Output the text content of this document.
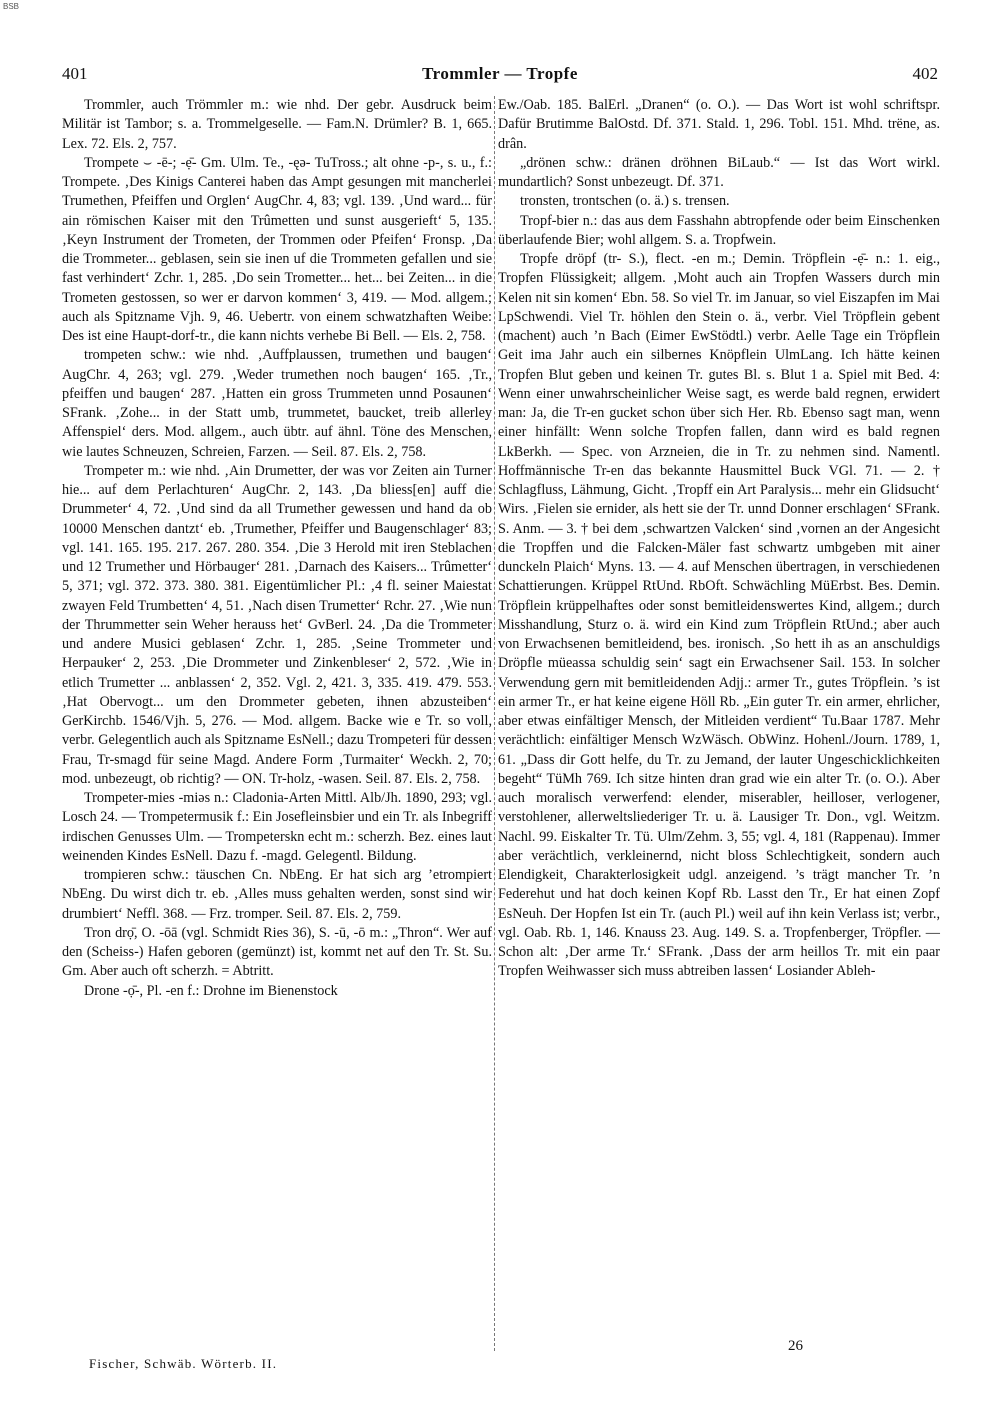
BSB
401	Trommler — Tropfe	402

Trommler, auch Trömmler m.: wie nhd. Der gebr. Ausdruck beim Militär ist Tambor; s. a. Trommelgeselle. — Fam.N. Drümler? B. 1, 665. Lex. 72. Els. 2, 757.

Trompete ⌣ -ē-; -ẹ̄- Gm. Ulm. Te., -ęə- TuTross.; alt ohne -p-, s. u., f.: Trompete. ‚Des Kinigs Canterei haben das Ampt gesungen mit mancherlei Trumethen, Pfeiffen und Orglen‘ AugChr. 4, 83; vgl. 139. ‚Und ward... für ain römischen Kaiser mit den Trûmetten und sunst ausgerieft‘ 5, 135. ‚Keyn Instrument der Trometen, der Trommen oder Pfeifen‘ Fronsp. ‚Da die Trommeter... geblasen, sein sie inen uf die Trommeten gefallen und sie fast verhindert‘ Zchr. 1, 285. ‚Do sein Trometter... het... bei Zeiten... in die Trometen gestossen, so wer er darvon kommen‘ 3, 419. — Mod. allgem.; auch als Spitzname Vjh. 9, 46. Uebertr. von einem schwatzhaften Weibe: Des ist eine Haupt-dorf-tr., die kann nichts verhebe Bi Bell. — Els. 2, 758.

trompeten schw.: wie nhd. ‚Auffplaussen, trumethen und baugen‘ AugChr. 4, 263; vgl. 279. ‚Weder trumethen noch baugen‘ 165. ‚Tr., pfeiffen und baugen‘ 287. ‚Hatten ein gross Trummeten unnd Posaunen‘ SFrank. ‚Zohe... in der Statt umb, trummetet, baucket, treib allerley Affenspiel‘ ders. Mod. allgem., auch übtr. auf ähnl. Töne des Menschen, wie lautes Schneuzen, Schreien, Farzen. — Seil. 87. Els. 2, 758.

Trompeter m.: wie nhd. ‚Ain Drumetter, der was vor Zeiten ain Turner hie... auf dem Perlachturen‘ AugChr. 2, 143. ‚Da bliess[en] auff die Drummeter‘ 4, 72. ‚Und sind da all Trumether gewessen und hand da ob 10000 Menschen dantzt‘ eb. ‚Trumether, Pfeiffer und Baugenschlager‘ 83; vgl. 141. 165. 195. 217. 267. 280. 354. ‚Die 3 Herold mit iren Steblachen und 12 Trumether und Hörbauger‘ 281. ‚Darnach des Kaisers... Trûmetter‘ 5, 371; vgl. 372. 373. 380. 381. Eigentümlicher Pl.: ‚4 fl. seiner Maiestat zwayen Feld Trumbetten‘ 4, 51. ‚Nach disen Trumetter‘ Rchr. 27. ‚Wie nun der Thrummetter sein Weher herauss het‘ GvBerl. 24. ‚Da die Trommeter und andere Musici geblasen‘ Zchr. 1, 285. ‚Seine Trommeter und Herpauker‘ 2, 253. ‚Die Drommeter und Zinkenbleser‘ 2, 572. ‚Wie in etlich Trumetter ... anblassen‘ 2, 352. Vgl. 2, 421. 3, 335. 419. 479. 553. ‚Hat Obervogt... um den Drommeter gebeten, ihnen abzusteiben‘ GerKirchb. 1546/Vjh. 5, 276. — Mod. allgem. Backe wie e Tr. so voll, verbr. Gelegentlich auch als Spitzname EsNell.; dazu Trompeteri für dessen Frau, Tr-smagd für seine Magd. Andere Form ‚Turmaiter‘ Weckh. 2, 70; mod. unbezeugt, ob richtig? — ON. Tr-holz, -wasen. Seil. 87. Els. 2, 758.

Trompeter-mies -miəs n.: Cladonia-Arten Mittl. Alb/Jh. 1890, 293; vgl. Losch 24. — Trompetermusik f.: Ein Josefleinsbier und ein Tr. als Inbegriff irdischen Genusses Ulm. — Trompeterskn echt m.: scherzh. Bez. eines laut weinenden Kindes EsNell. Dazu f. -magd. Gelegentl. Bildung.

trompieren schw.: täuschen Cn. NbEng. Er hat sich arg ’etrompiert NbEng. Du wirst dich tr. eb. ‚Alles muss gehalten werden, sonst sind wir drumbiert‘ Neffl. 368. — Frz. tromper. Seil. 87. Els. 2, 759.

Tron drọ̄, O. -ōā (vgl. Schmidt Ries 36), S. -ū, -ō m.: „Thron“. Wer auf den (Scheiss-) Hafen geboren (gemünzt) ist, kommt net auf den Tr. St. Su. Gm. Aber auch oft scherzh. = Abtritt.

Drone -ọ̄-, Pl. -en f.: Drohne im Bienenstock

Ew./Oab. 185. BalErl. „Dranen“ (o. O.). — Das Wort ist wohl schriftspr. Dafür Brutimme BalOstd. Df. 371. Stald. 1, 296. Tobl. 151. Mhd. trëne, as. drân.

„drönen schw.: dränen dröhnen BiLaub.“ — Ist das Wort wirkl. mundartlich? Sonst unbezeugt. Df. 371.

tronsten, trontschen (o. ä.) s. trensen.

Tropf-bier n.: das aus dem Fasshahn abtropfende oder beim Einschenken überlaufende Bier; wohl allgem. S. a. Tropfwein.

Tropfe dröpf (tr- S.), flect. -en m.; Demin. Tröpflein -ẹ̄- n.: 1. eig., Tropfen Flüssigkeit; allgem. ‚Moht auch ain Tropfen Wassers durch min Kelen nit sin komen‘ Ebn. 58. So viel Tr. im Januar, so viel Eiszapfen im Mai LpSchwendi. Viel Tr. höhlen den Stein o. ä., verbr. Viel Tröpflein gebent (machent) auch ’n Bach (Eimer EwStödtl.) verbr. Aelle Tage ein Tröpflein Geit ima Jahr auch ein silbernes Knöpflein UlmLang. Ich hätte keinen Tropfen Blut geben und keinen Tr. gutes Bl. s. Blut 1 a. Spiel mit Bed. 4: Wenn einer unwahrscheinlicher Weise sagt, es werde bald regnen, erwidert man: Ja, die Tr-en gucket schon über sich Her. Rb. Ebenso sagt man, wenn einer hinfällt: Wenn solche Tropfen fallen, dann wird es bald regnen LkBerkh. — Spec. von Arzneien, die in Tr. zu nehmen sind. Namentl. Hoffmännische Tr-en das bekannte Hausmittel Buck VGl. 71. — 2. † Schlagfluss, Lähmung, Gicht. ‚Tropff ein Art Paralysis... mehr ein Glidsucht‘ Wirs. ‚Fielen sie ernider, als hett sie der Tr. unnd Donner erschlagen‘ SFrank. S. Anm. — 3. † bei dem ‚schwartzen Valcken‘ sind ‚vornen an der Angesicht die Tropffen und die Falcken-Mäler fast schwartz umbgeben mit ainer dunckeln Plaich‘ Myns. 13. — 4. auf Menschen übertragen, in verschiedenen Schattierungen. Krüppel RtUnd. RbOft. Schwächling MüErbst. Bes. Demin. Tröpflein krüppelhaftes oder sonst bemitleidenswertes Kind, allgem.; durch Misshandlung, Sturz o. ä. wird ein Kind zum Tröpflein RtUnd.; aber auch von Erwachsenen bemitleidend, bes. ironisch. ‚So hett ih as an anschuldigs Dröpfle müeassa schuldig sein‘ sagt ein Erwachsener Sail. 153. In solcher Verwendung gern mit bemitleidenden Adjj.: armer Tr., gutes Tröpflein. ’s ist ein armer Tr., er hat keine eigene Höll Rb. „Ein guter Tr. ein armer, ehrlicher, aber etwas einfältiger Mensch, der Mitleiden verdient“ Tu.Baar 1787. Mehr verächtlich: einfältiger Mensch WzWäsch. ObWinz. Hohenl./Journ. 1789, 1, 61. „Dass dir Gott helfe, du Tr. zu Jemand, der lauter Ungeschicklichkeiten begeht“ TüMh 769. Ich sitze hinten dran grad wie ein alter Tr. (o. O.). Aber auch moralisch verwerfend: elender, miserabler, heilloser, verlogener, verstohlener, allerweltsliederiger Tr. u. ä. Lausiger Tr. Don., vgl. Weitzm. Nachl. 99. Eiskalter Tr. Tü. Ulm/Zehm. 3, 55; vgl. 4, 181 (Rappenau). Immer aber verächtlich, verkleinernd, nicht bloss Schlechtigkeit, sondern auch Elendigkeit, Charakterlosigkeit udgl. anzeigend. ’s trägt mancher Tr. ’n Federehut und hat doch keinen Kopf Rb. Lasst den Tr., Er hat einen Zopf EsNeuh. Der Hopfen Ist ein Tr. (auch Pl.) weil auf ihn kein Verlass ist; verbr., vgl. Oab. Rb. 1, 146. Knauss 23. Aug. 149. S. a. Tropfenberger, Tröpfler. — Schon alt: ‚Der arme Tr.‘ SFrank. ‚Dass der arm heillos Tr. mit ein paar Tropfen Weihwasser sich muss abtreiben lassen‘ Losiander Ableh-

26
Fischer, Schwäb. Wörterb. II.
